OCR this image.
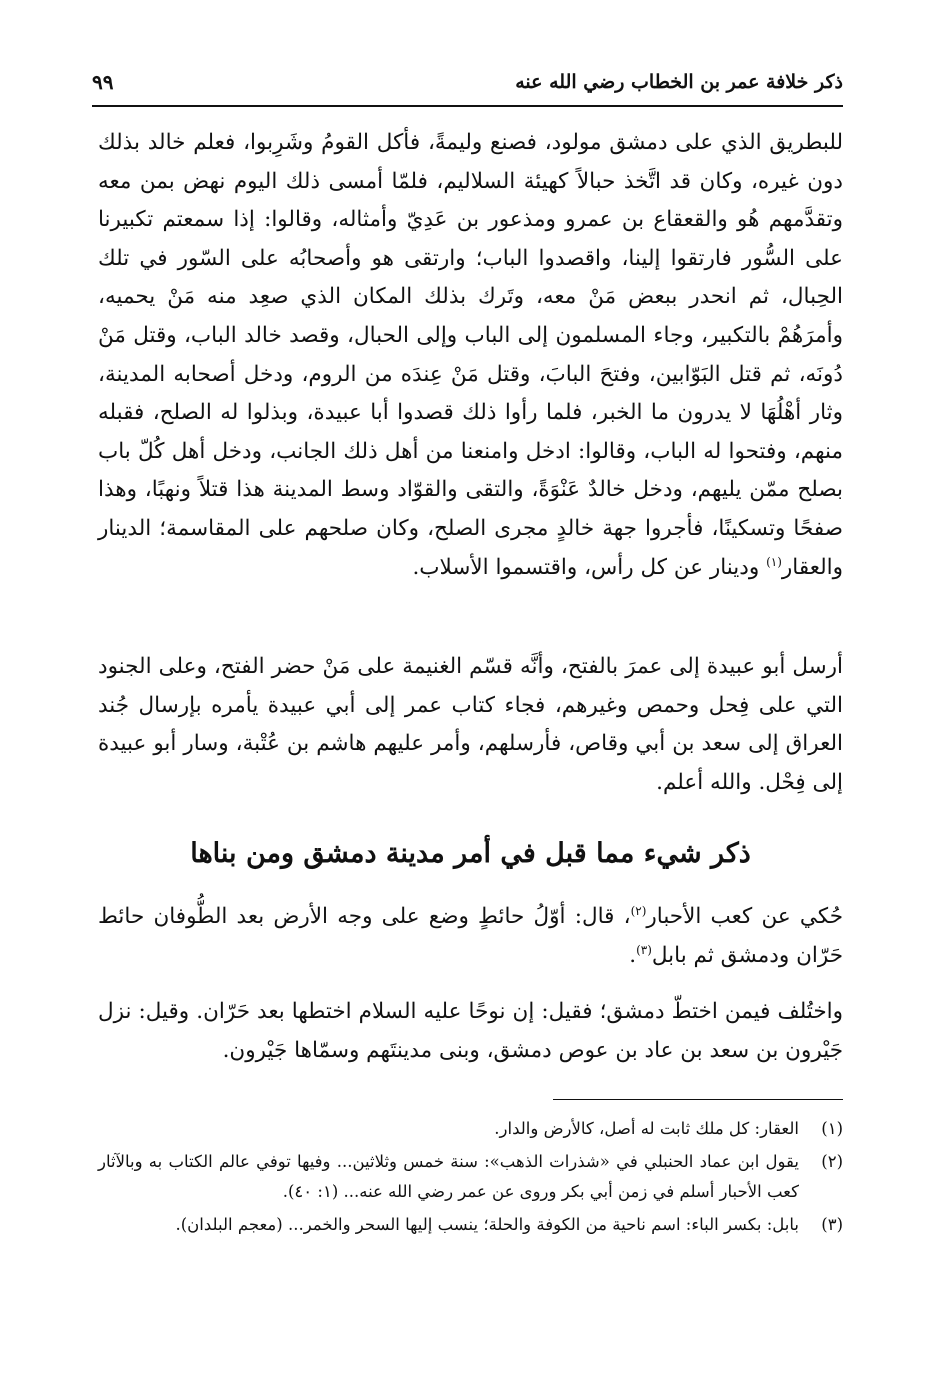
ذكر خلافة عمر بن الخطاب رضي الله عنه
٩٩

للبطريق الذي على دمشق مولود، فصنع وليمةً، فأكل القومُ وشَرِبوا، فعلم خالد بذلك دون غيره، وكان قد اتَّخذ حبالاً كهيئة السلاليم، فلمّا أمسى ذلك اليوم نهض بمن معه وتقدَّمهم هُو والقعقاع بن عمرو ومذعور بن عَدِيّ وأمثاله، وقالوا: إذا سمعتم تكبيرنا على السُّور فارتقوا إلينا، واقصدوا الباب؛ وارتقى هو وأصحابُه على السّور في تلك الحِبال، ثم انحدر ببعض مَنْ معه، وتَرك بذلك المكان الذي صعِد منه مَنْ يحميه، وأمرَهُمْ بالتكبير، وجاء المسلمون إلى الباب وإلى الحبال، وقصد خالد الباب، وقتل مَنْ دُونَه، ثم قتل البَوّابين، وفتحَ البابَ، وقتل مَنْ عِندَه من الروم، ودخل أصحابه المدينة، وثار أهْلُهَا لا يدرون ما الخبر، فلما رأوا ذلك قصدوا أبا عبيدة، وبذلوا له الصلح، فقبله منهم، وفتحوا له الباب، وقالوا: ادخل وامنعنا من أهل ذلك الجانب، ودخل أهل كُلّ باب بصلح ممّن يليهم، ودخل خالدٌ عَنْوَةً، والتقى والقوّاد وسط المدينة هذا قتلاً ونهبًا، وهذا صفحًا وتسكينًا، فأجروا جهة خالدٍ مجرى الصلح، وكان صلحهم على المقاسمة؛ الدينار والعقار$^{(١)}$ ودينار عن كل رأس، واقتسموا الأسلاب.

أرسل أبو عبيدة إلى عمرَ بالفتح، وأنَّه قسّم الغنيمة على مَنْ حضر الفتح، وعلى الجنود التي على فِحل وحمص وغيرهم، فجاء كتاب عمر إلى أبي عبيدة يأمره بإرسال جُند العراق إلى سعد بن أبي وقاص، فأرسلهم، وأمر عليهم هاشم بن عُتْبة، وسار أبو عبيدة إلى فِحْل. والله أعلم.

ذكر شيء مما قبل في أمر مدينة دمشق ومن بناها

حُكي عن كعب الأحبار$^{(٢)}$، قال: أوّلُ حائطٍ وضع على وجه الأرض بعد الطُّوفان حائط حَرّان ودمشق ثم بابل$^{(٣)}$.

واختُلف فيمن اختطّ دمشق؛ فقيل: إن نوحًا عليه السلام اختطها بعد حَرّان. وقيل: نزل جَيْرون بن سعد بن عاد بن عوص دمشق، وبنى مدينتَهم وسمّاها جَيْرون.

(١)
العقار: كل ملك ثابت له أصل، كالأرض والدار.
(٢)
يقول ابن عماد الحنبلي في «شذرات الذهب»: سنة خمس وثلاثين... وفيها توفي عالم الكتاب به وبالآثار كعب الأحبار أسلم في زمن أبي بكر وروى عن عمر رضي الله عنه... (١: ٤٠).
(٣)
بابل: بكسر الباء: اسم ناحية من الكوفة والحلة؛ ينسب إليها السحر والخمر... (معجم البلدان).
